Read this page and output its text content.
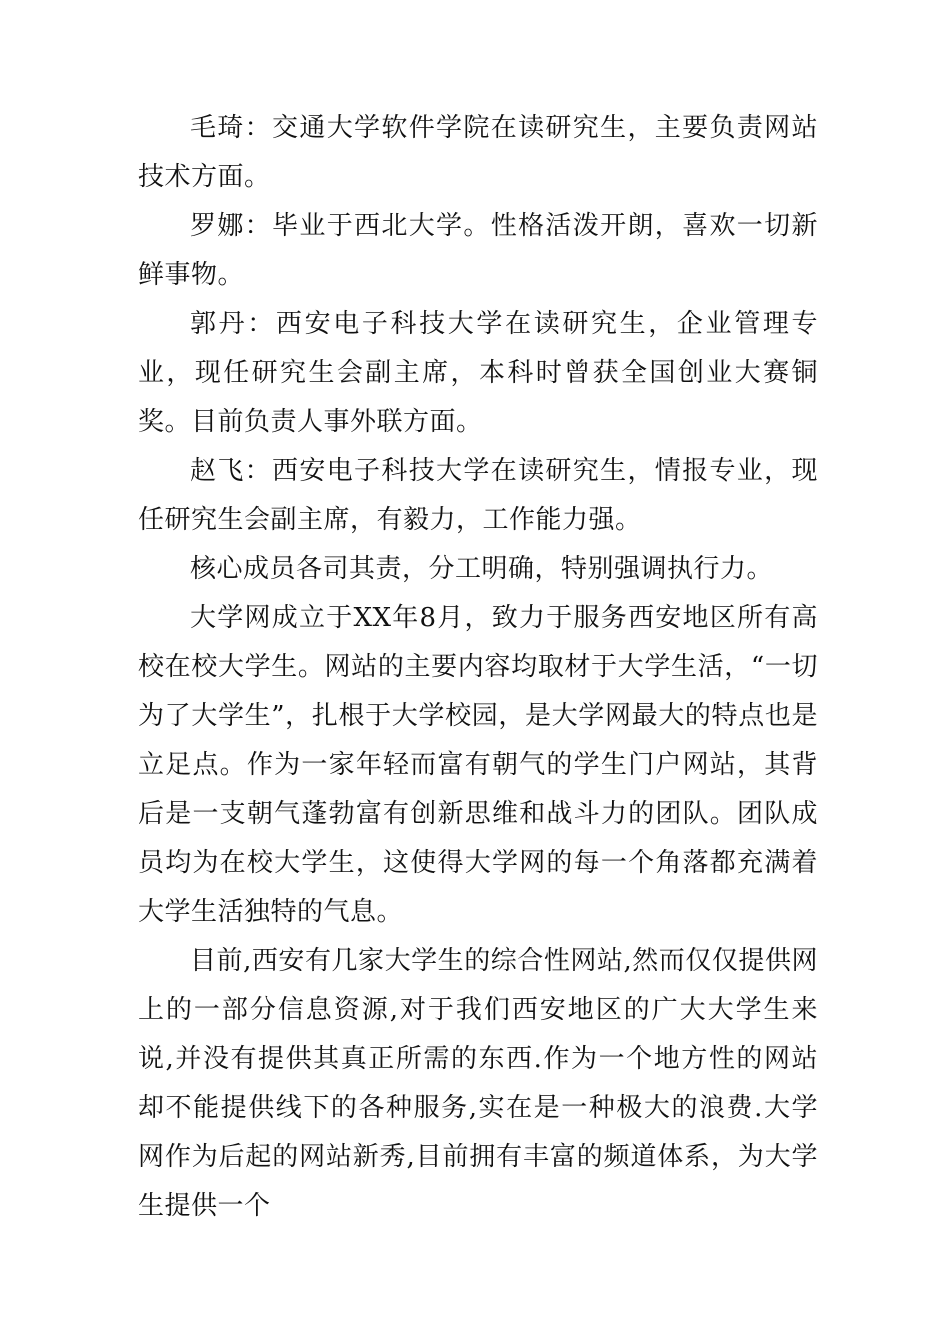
毛琦：交通大学软件学院在读研究生，主要负责网站技术方面。

罗娜：毕业于西北大学。性格活泼开朗，喜欢一切新鲜事物。

郭丹：西安电子科技大学在读研究生，企业管理专业，现任研究生会副主席，本科时曾获全国创业大赛铜奖。目前负责人事外联方面。

赵飞：西安电子科技大学在读研究生，情报专业，现任研究生会副主席，有毅力，工作能力强。

核心成员各司其责，分工明确，特别强调执行力。

大学网成立于XX年8月，致力于服务西安地区所有高校在校大学生。网站的主要内容均取材于大学生活，“一切为了大学生”，扎根于大学校园，是大学网最大的特点也是立足点。作为一家年轻而富有朝气的学生门户网站，其背后是一支朝气蓬勃富有创新思维和战斗力的团队。团队成员均为在校大学生，这使得大学网的每一个角落都充满着大学生活独特的气息。

目前,西安有几家大学生的综合性网站,然而仅仅提供网上的一部分信息资源,对于我们西安地区的广大大学生来说,并没有提供其真正所需的东西.作为一个地方性的网站却不能提供线下的各种服务,实在是一种极大的浪费.大学网作为后起的网站新秀,目前拥有丰富的频道体系，为大学生提供一个
